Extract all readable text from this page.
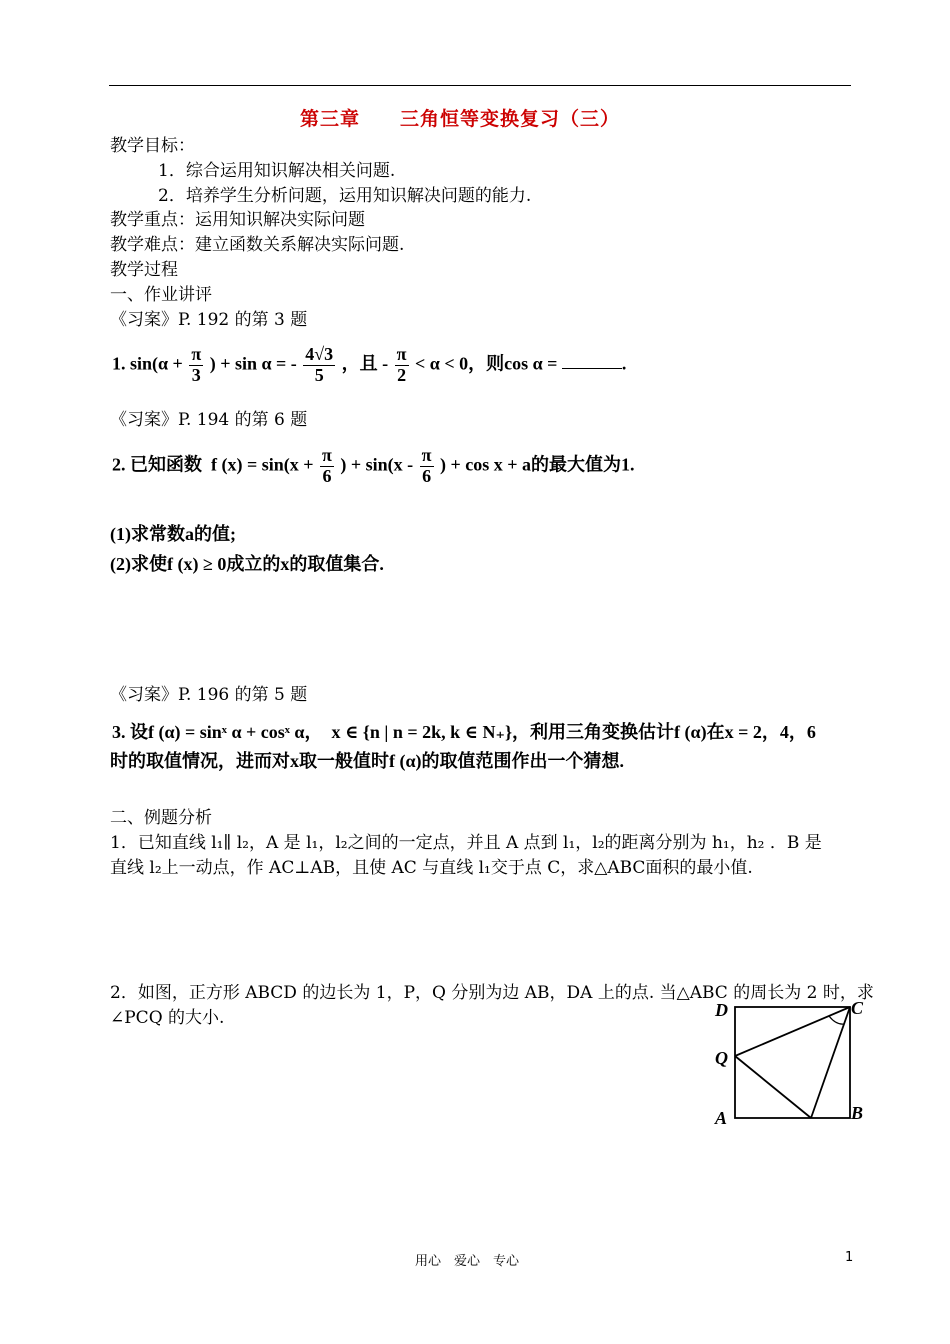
第三章　　三角恒等变换复习（三）
教学目标：
1．综合运用知识解决相关问题.
2．培养学生分析问题，运用知识解决问题的能力.
教学重点：运用知识解决实际问题
教学难点：建立函数关系解决实际问题.
教学过程
一、作业讲评
《习案》P. 192 的第 3 题
1. $\sin(\alpha + \frac{\pi}{3}$ ) + sin α = - $\frac{4√3}{5}$ ，且 - $\frac{\pi}{2} < \alpha < 0$，则cos α =	.
《习案》P. 194 的第 6 题
2. 已知函数 f $(x) = \sin(x + \frac{\pi}{6}$ ) + $\sin(x - \frac{\pi}{6}$ ) + cos x + a的最大值为1.
(1)求常数a的值;
(2)求使f (x) ≥ 0成立的x的取值集合.
《习案》P. 196 的第 5 题
3. 设f (α) = sinˣ α + cosˣ α，　x ∈ {n | n = 2k, k ∈ N₊}，利用三角变换估计f (α)在x = 2，4，6
时的取值情况，进而对x取一般值时f (α)的取值范围作出一个猜想.
二、例题分析
1．已知直线 l₁∥ l₂，A 是 l₁，l₂之间的一定点，并且 A 点到 l₁，l₂的距离分别为 h₁，h₂ ．B 是
直线 l₂上一动点，作 AC⊥AB，且使 AC 与直线 l₁交于点 C，求△ABC面积的最小值.
2．如图，正方形 ABCD 的边长为 1，P，Q 分别为边 AB，DA 上的点. 当△ABC 的周长为 2 时，求
∠PCQ 的大小.	D	C
Q
A	B
用心　爱心　专心	1
